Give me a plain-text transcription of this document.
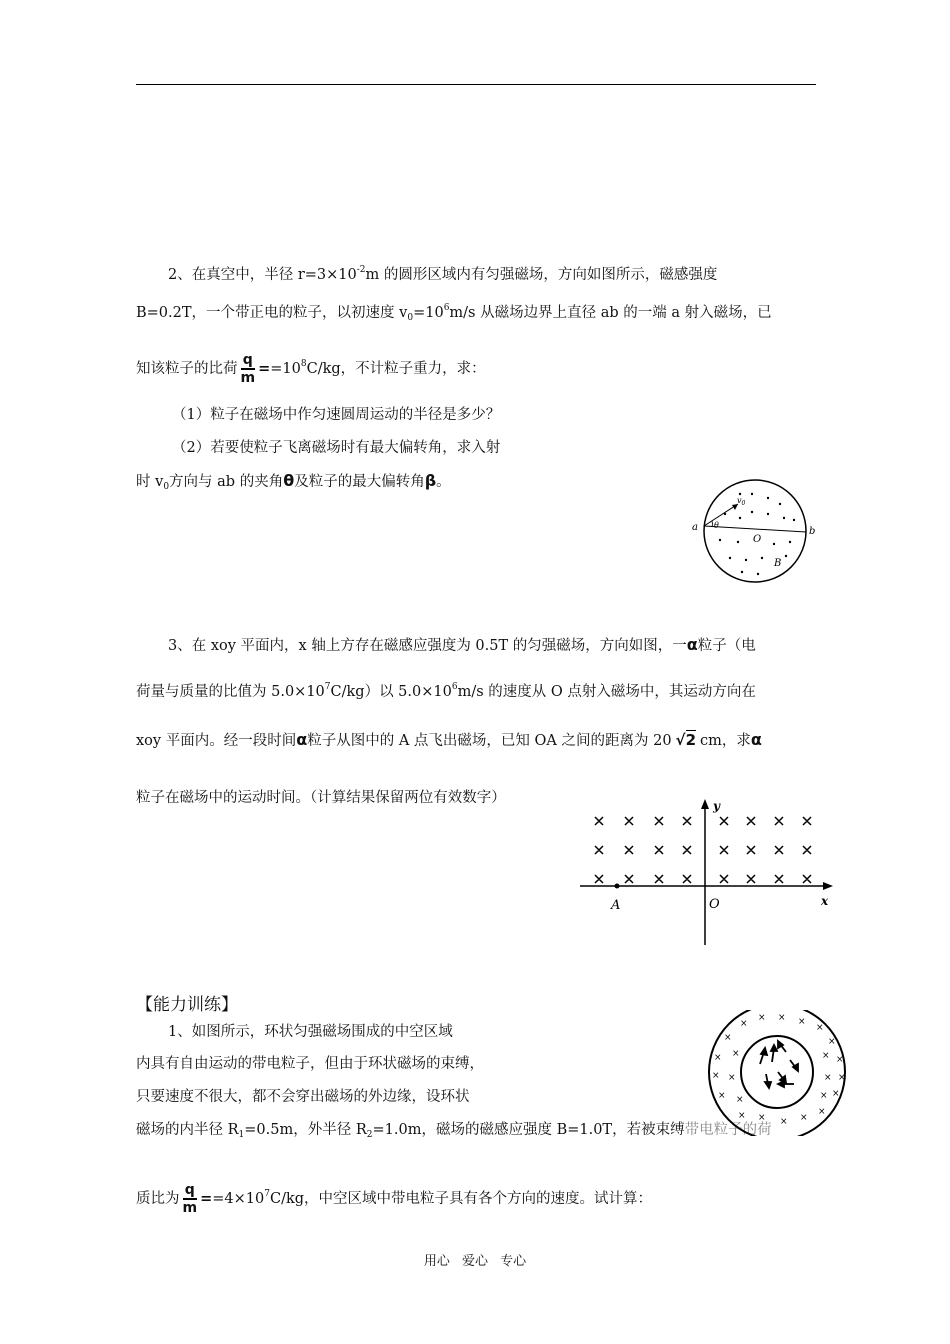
2、在真空中，半径 $r=3\times 10^{-2}m$ 的圆形区域内有匀强磁场，方向如图所示，磁感强度
B=0.2T，一个带正电的粒子，以初速度 $v_0=10^6m/s$ 从磁场边界上直径 ab 的一端 a 射入磁场，已
知该粒子的比荷 $\frac{q}{m} ==10^8C/kg$，不计粒子重力，求：
（1）粒子在磁场中作匀速圆周运动的半径是多少？
（2）若要使粒子飞离磁场时有最大偏转角，求入射
时 $v_0$方向与 ab 的夹角θ及粒子的最大偏转角β。
a	b
O
B
θ
$v_0$
3、在 xoy 平面内，x 轴上方存在磁感应强度为 0.5T 的匀强磁场，方向如图，一α粒子（电
荷量与质量的比值为 $5.0\times 10^7C/kg$）以 $5.0\times 10^6m/s$ 的速度从 O 点射入磁场中，其运动方向在
xoy 平面内。经一段时间α粒子从图中的 A 点飞出磁场，已知 OA 之间的距离为 20 √2 cm，求α
粒子在磁场中的运动时间。（计算结果保留两位有效数字）
A	O
y
x
【能力训练】
1、如图所示，环状匀强磁场围成的中空区域
内具有自由运动的带电粒子，但由于环状磁场的束缚，
只要速度不很大，都不会穿出磁场的外边缘，设环状
磁场的内半径 $R_1=0.5m$，外半径 $R_2=1.0m$，磁场的磁感应强度 B=1.0T，若被束缚带电粒子的荷
质比为 $\frac{q}{m} ==4\times 10^7C/kg$，中空区域中带电粒子具有各个方向的速度。试计算：
×
× × ×
×
×	×
× ×	× ×
× ×	× ×
× ×	× ×
× × × ×
×
用心 爱心 专心
